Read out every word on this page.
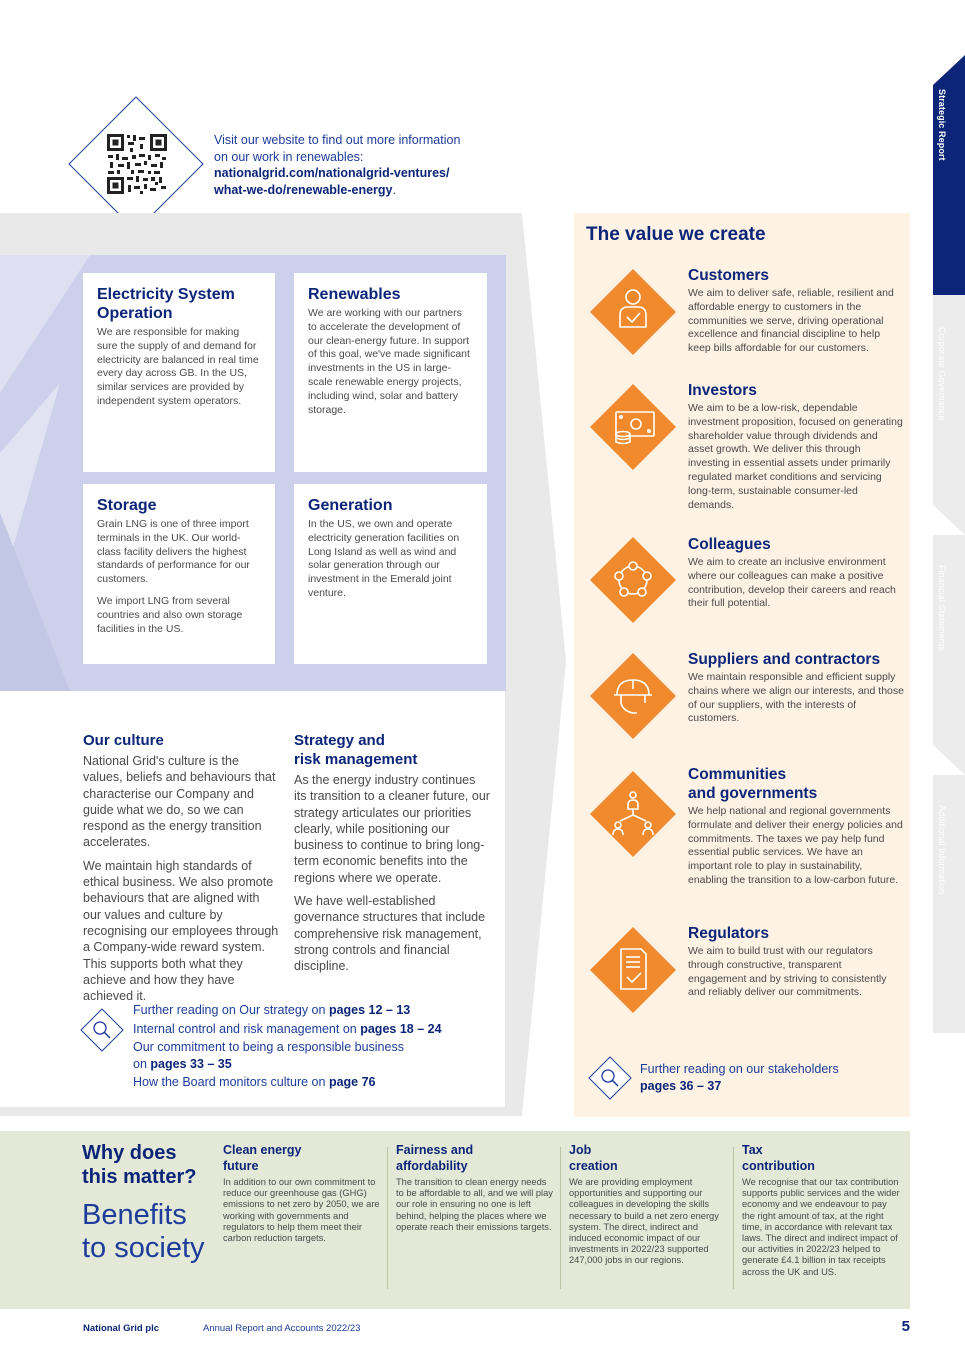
Strategic Report
Corporate Governance
Financial Statements
Additional Information
Visit our website to find out more information
on our work in renewables:
nationalgrid.com/nationalgrid-ventures/
what-we-do/renewable-energy.
Electricity System
Operation

We are responsible for making sure the supply of and demand for electricity are balanced in real time every day across GB. In the US, similar services are provided by independent system operators.

Renewables

We are working with our partners to accelerate the development of our clean-energy future. In support of this goal, we've made significant investments in the US in large-scale renewable energy projects, including wind, solar and battery storage.

Storage

Grain LNG is one of three import terminals in the UK. Our world-class facility delivers the highest standards of performance for our customers.

We import LNG from several countries and also own storage facilities in the US.

Generation

In the US, we own and operate electricity generation facilities on Long Island as well as wind and solar generation through our investment in the Emerald joint venture.

Our culture

National Grid's culture is the values, beliefs and behaviours that characterise our Company and guide what we do, so we can respond as the energy transition accelerates.

We maintain high standards of ethical business. We also promote behaviours that are aligned with our values and culture by recognising our employees through a Company-wide reward system. This supports both what they achieve and how they have achieved it.

Strategy and
risk management

As the energy industry continues its transition to a cleaner future, our strategy articulates our priorities clearly, while positioning our business to continue to bring long-term economic benefits into the regions where we operate.

We have well-established governance structures that include comprehensive risk management, strong controls and financial discipline.

Further reading on Our strategy on pages 12 – 13
Internal control and risk management on pages 18 – 24
Our commitment to being a responsible business
on pages 33 – 35
How the Board monitors culture on page 76
The value we create
Customers

We aim to deliver safe, reliable, resilient and affordable energy to customers in the communities we serve, driving operational excellence and financial discipline to help keep bills affordable for our customers.

Investors

We aim to be a low-risk, dependable investment proposition, focused on generating shareholder value through dividends and asset growth. We deliver this through investing in essential assets under primarily regulated market conditions and servicing long-term, sustainable consumer-led demands.

Colleagues

We aim to create an inclusive environment where our colleagues can make a positive contribution, develop their careers and reach their full potential.

Suppliers and contractors

We maintain responsible and efficient supply chains where we align our interests, and those of our suppliers, with the interests of customers.

Communities
and governments

We help national and regional governments formulate and deliver their energy policies and commitments. The taxes we pay help fund essential public services. We have an important role to play in sustainability, enabling the transition to a low-carbon future.

Regulators

We aim to build trust with our regulators through constructive, transparent engagement and by striving to consistently and reliably deliver our commitments.

Further reading on our stakeholders
pages 36 – 37
Why does
this matter?
Benefits
to society
Clean energy
future

In addition to our own commitment to reduce our greenhouse gas (GHG) emissions to net zero by 2050, we are working with governments and regulators to help them meet their carbon reduction targets.

Fairness and
affordability

The transition to clean energy needs to be affordable to all, and we will play our role in ensuring no one is left behind, helping the places where we operate reach their emissions targets.

Job
creation

We are providing employment opportunities and supporting our colleagues in developing the skills necessary to build a net zero energy system. The direct, indirect and induced economic impact of our investments in 2022/23 supported 247,000 jobs in our regions.

Tax
contribution

We recognise that our tax contribution supports public services and the wider economy and we endeavour to pay the right amount of tax, at the right time, in accordance with relevant tax laws. The direct and indirect impact of our activities in 2022/23 helped to generate £4.1 billion in tax receipts across the UK and US.

National Grid plc	Annual Report and Accounts 2022/23	5
